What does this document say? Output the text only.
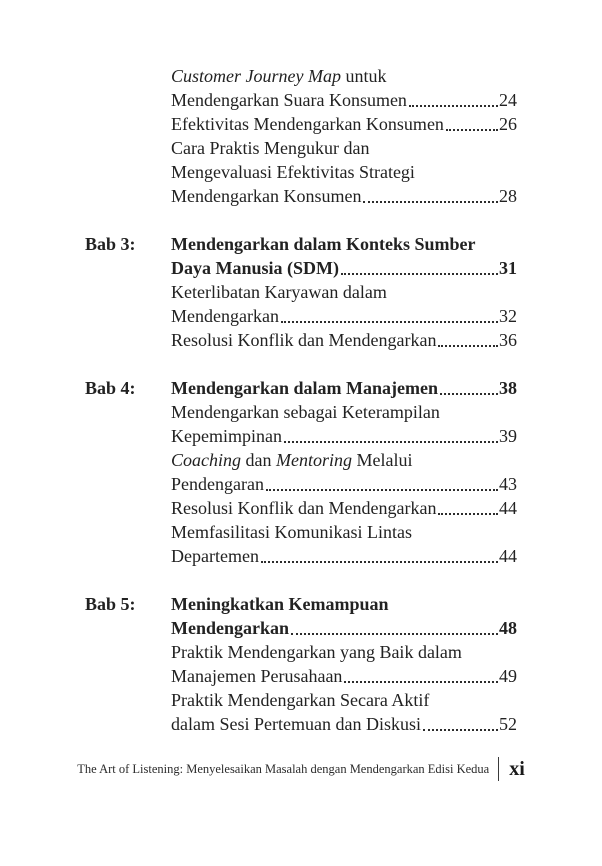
Customer Journey Map untuk
Mendengarkan Suara Konsumen	24
Efektivitas Mendengarkan Konsumen	26
Cara Praktis Mengukur dan
Mengevaluasi Efektivitas Strategi
Mendengarkan Konsumen	28
Bab 3:	Mendengarkan dalam Konteks Sumber
Daya Manusia (SDM)	31
Keterlibatan Karyawan dalam
Mendengarkan	32
Resolusi Konflik dan Mendengarkan	36
Bab 4:	Mendengarkan dalam Manajemen	38
Mendengarkan sebagai Keterampilan
Kepemimpinan	39
Coaching dan Mentoring Melalui
Pendengaran	43
Resolusi Konflik dan Mendengarkan	44
Memfasilitasi Komunikasi Lintas
Departemen	44
Bab 5:	Meningkatkan Kemampuan
Mendengarkan	48
Praktik Mendengarkan yang Baik dalam
Manajemen Perusahaan	49
Praktik Mendengarkan Secara Aktif
dalam Sesi Pertemuan dan Diskusi	52
The Art of Listening: Menyelesaikan Masalah dengan Mendengarkan Edisi Kedua xi
